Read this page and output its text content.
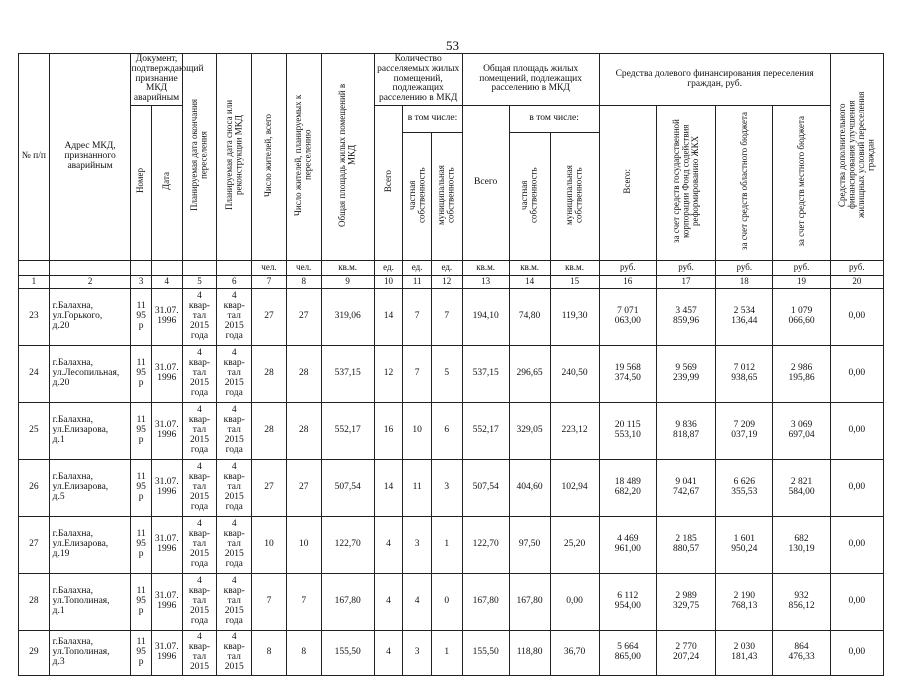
53
№ п/п	Адрес МКД, признанного аварийным	Документ, подтверждающий признание МКД аварийным		Планируемая дата окончания переселения	Планируемая дата сноса или реконструкции МКД	Число жителей, всего	Число жителей, планируемых к переселению	Общая площадь жилых помещений в МКД	Количество расселяемых жилых помещений, подлежащих расселению в МКД			Общая площадь жилых помещений, подлежащих расселению в МКД			Средства долевого финансирования переселения граждан, руб.				Средства дополнительного финансирования улучшения жилищных условий переселения граждан
		Номер	Дата						Всего	в том числе:		Всего	в том числе:		Всего:	за счет средств государственной корпорации Фонд содействия реформированию ЖКХ	за счет средств областного бюджета	за счет средств местного бюджета	
										частная собственность	муниципальная собственность		частная собственность	муниципальная собственность					
						чел.	чел.	кв.м.	ед.	ед.	ед.	кв.м.	кв.м.	кв.м.	руб.	руб.	руб.	руб.	руб.
1	2	3	4	5	6	7	8	9	10	11	12	13	14	15	16	17	18	19	20
23	г.Балахна,
ул.Горького,
д.20	11
95
р	31.07.
1996	4
квар-
тал
2015
года	4
квар-
тал
2015
года	27	27	319,06	14	7	7	194,10	74,80	119,30	7 071
063,00	3 457
859,96	2 534
136,44	1 079
066,60	0,00
24	г.Балахна,
ул.Лесопильная,
д.20	11
95
р	31.07.
1996	4
квар-
тал
2015
года	4
квар-
тал
2015
года	28	28	537,15	12	7	5	537,15	296,65	240,50	19 568
374,50	9 569
239,99	7 012
938,65	2 986
195,86	0,00
25	г.Балахна,
ул.Елизарова,
д.1	11
95
р	31.07.
1996	4
квар-
тал
2015
года	4
квар-
тал
2015
года	28	28	552,17	16	10	6	552,17	329,05	223,12	20 115
553,10	9 836
818,87	7 209
037,19	3 069
697,04	0,00
26	г.Балахна,
ул.Елизарова,
д.5	11
95
р	31.07.
1996	4
квар-
тал
2015
года	4
квар-
тал
2015
года	27	27	507,54	14	11	3	507,54	404,60	102,94	18 489
682,20	9 041
742,67	6 626
355,53	2 821
584,00	0,00
27	г.Балахна,
ул.Елизарова,
д.19	11
95
р	31.07.
1996	4
квар-
тал
2015
года	4
квар-
тал
2015
года	10	10	122,70	4	3	1	122,70	97,50	25,20	4 469
961,00	2 185
880,57	1 601
950,24	682
130,19	0,00
28	г.Балахна,
ул.Тополиная,
д.1	11
95
р	31.07.
1996	4
квар-
тал
2015
года	4
квар-
тал
2015
года	7	7	167,80	4	4	0	167,80	167,80	0,00	6 112
954,00	2 989
329,75	2 190
768,13	932
856,12	0,00
29	г.Балахна,
ул.Тополиная,
д.3	11
95
р	31.07.
1996	4
квар-
тал
2015	4
квар-
тал
2015	8	8	155,50	4	3	1	155,50	118,80	36,70	5 664
865,00	2 770
207,24	2 030
181,43	864
476,33	0,00
